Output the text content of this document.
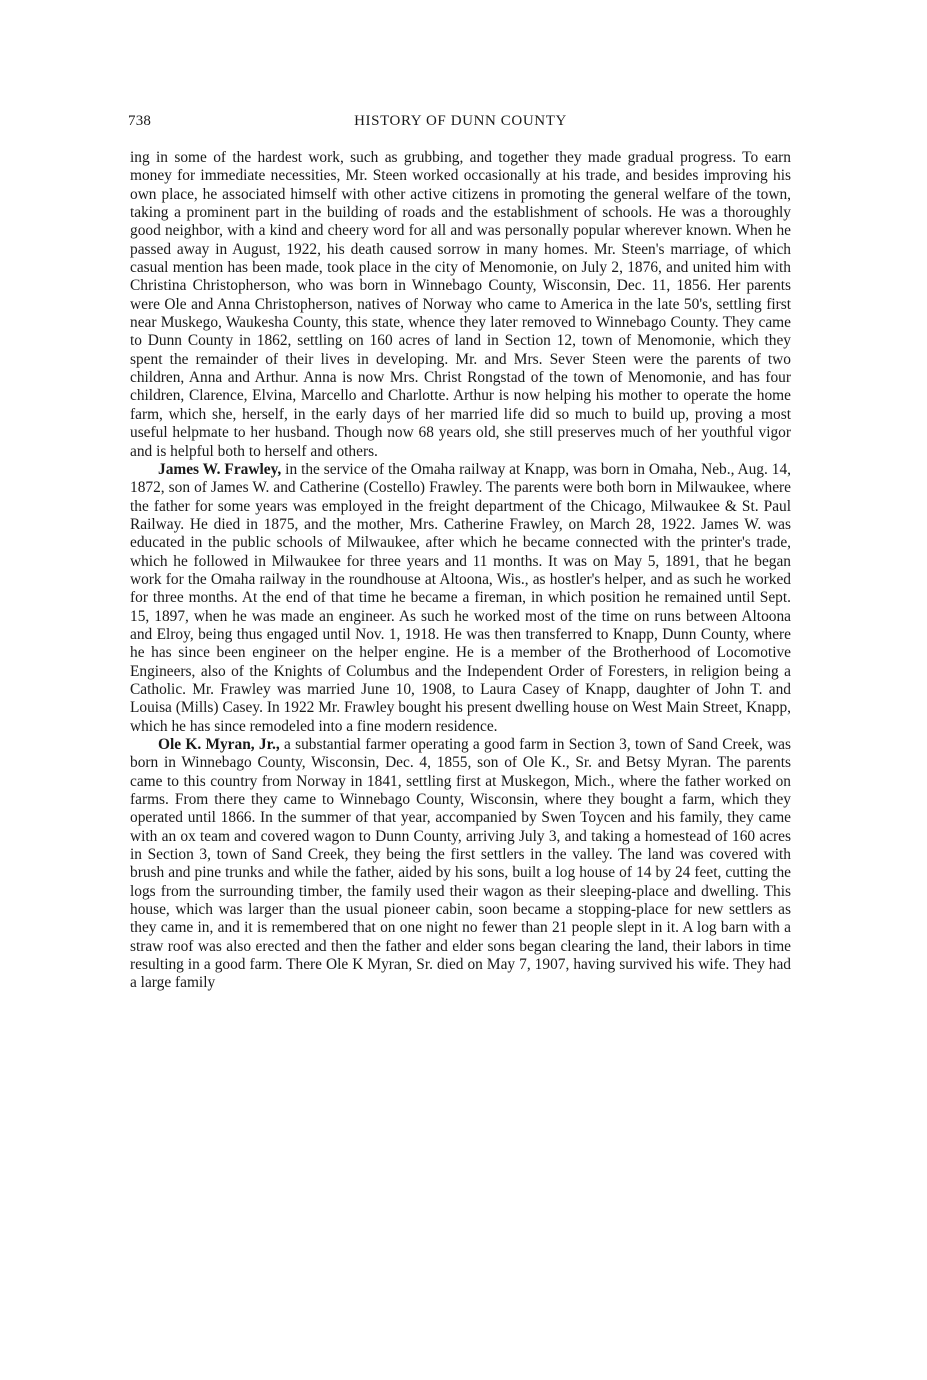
738	HISTORY OF DUNN COUNTY

ing in some of the hardest work, such as grubbing, and together they made gradual progress. To earn money for immediate necessities, Mr. Steen worked occasionally at his trade, and besides improving his own place, he associated himself with other active citizens in promoting the general welfare of the town, taking a prominent part in the building of roads and the establishment of schools. He was a thoroughly good neighbor, with a kind and cheery word for all and was personally popular wherever known. When he passed away in August, 1922, his death caused sorrow in many homes. Mr. Steen's marriage, of which casual mention has been made, took place in the city of Menomonie, on July 2, 1876, and united him with Christina Christopherson, who was born in Winnebago County, Wisconsin, Dec. 11, 1856. Her parents were Ole and Anna Christopherson, natives of Norway who came to America in the late 50's, settling first near Muskego, Waukesha County, this state, whence they later removed to Winnebago County. They came to Dunn County in 1862, settling on 160 acres of land in Section 12, town of Menomonie, which they spent the remainder of their lives in developing. Mr. and Mrs. Sever Steen were the parents of two children, Anna and Arthur. Anna is now Mrs. Christ Rongstad of the town of Menomonie, and has four children, Clarence, Elvina, Marcello and Charlotte. Arthur is now helping his mother to operate the home farm, which she, herself, in the early days of her married life did so much to build up, proving a most useful helpmate to her husband. Though now 68 years old, she still preserves much of her youthful vigor and is helpful both to herself and others.

James W. Frawley, in the service of the Omaha railway at Knapp, was born in Omaha, Neb., Aug. 14, 1872, son of James W. and Catherine (Costello) Frawley. The parents were both born in Milwaukee, where the father for some years was employed in the freight department of the Chicago, Milwaukee & St. Paul Railway. He died in 1875, and the mother, Mrs. Catherine Frawley, on March 28, 1922. James W. was educated in the public schools of Milwaukee, after which he became connected with the printer's trade, which he followed in Milwaukee for three years and 11 months. It was on May 5, 1891, that he began work for the Omaha railway in the roundhouse at Altoona, Wis., as hostler's helper, and as such he worked for three months. At the end of that time he became a fireman, in which position he remained until Sept. 15, 1897, when he was made an engineer. As such he worked most of the time on runs between Altoona and Elroy, being thus engaged until Nov. 1, 1918. He was then transferred to Knapp, Dunn County, where he has since been engineer on the helper engine. He is a member of the Brotherhood of Locomotive Engineers, also of the Knights of Columbus and the Independent Order of Foresters, in religion being a Catholic. Mr. Frawley was married June 10, 1908, to Laura Casey of Knapp, daughter of John T. and Louisa (Mills) Casey. In 1922 Mr. Frawley bought his present dwelling house on West Main Street, Knapp, which he has since remodeled into a fine modern residence.

Ole K. Myran, Jr., a substantial farmer operating a good farm in Section 3, town of Sand Creek, was born in Winnebago County, Wisconsin, Dec. 4, 1855, son of Ole K., Sr. and Betsy Myran. The parents came to this country from Norway in 1841, settling first at Muskegon, Mich., where the father worked on farms. From there they came to Winnebago County, Wisconsin, where they bought a farm, which they operated until 1866. In the summer of that year, accompanied by Swen Toycen and his family, they came with an ox team and covered wagon to Dunn County, arriving July 3, and taking a homestead of 160 acres in Section 3, town of Sand Creek, they being the first settlers in the valley. The land was covered with brush and pine trunks and while the father, aided by his sons, built a log house of 14 by 24 feet, cutting the logs from the surrounding timber, the family used their wagon as their sleeping-place and dwelling. This house, which was larger than the usual pioneer cabin, soon became a stopping-place for new settlers as they came in, and it is remembered that on one night no fewer than 21 people slept in it. A log barn with a straw roof was also erected and then the father and elder sons began clearing the land, their labors in time resulting in a good farm. There Ole K Myran, Sr. died on May 7, 1907, having survived his wife. They had a large family
